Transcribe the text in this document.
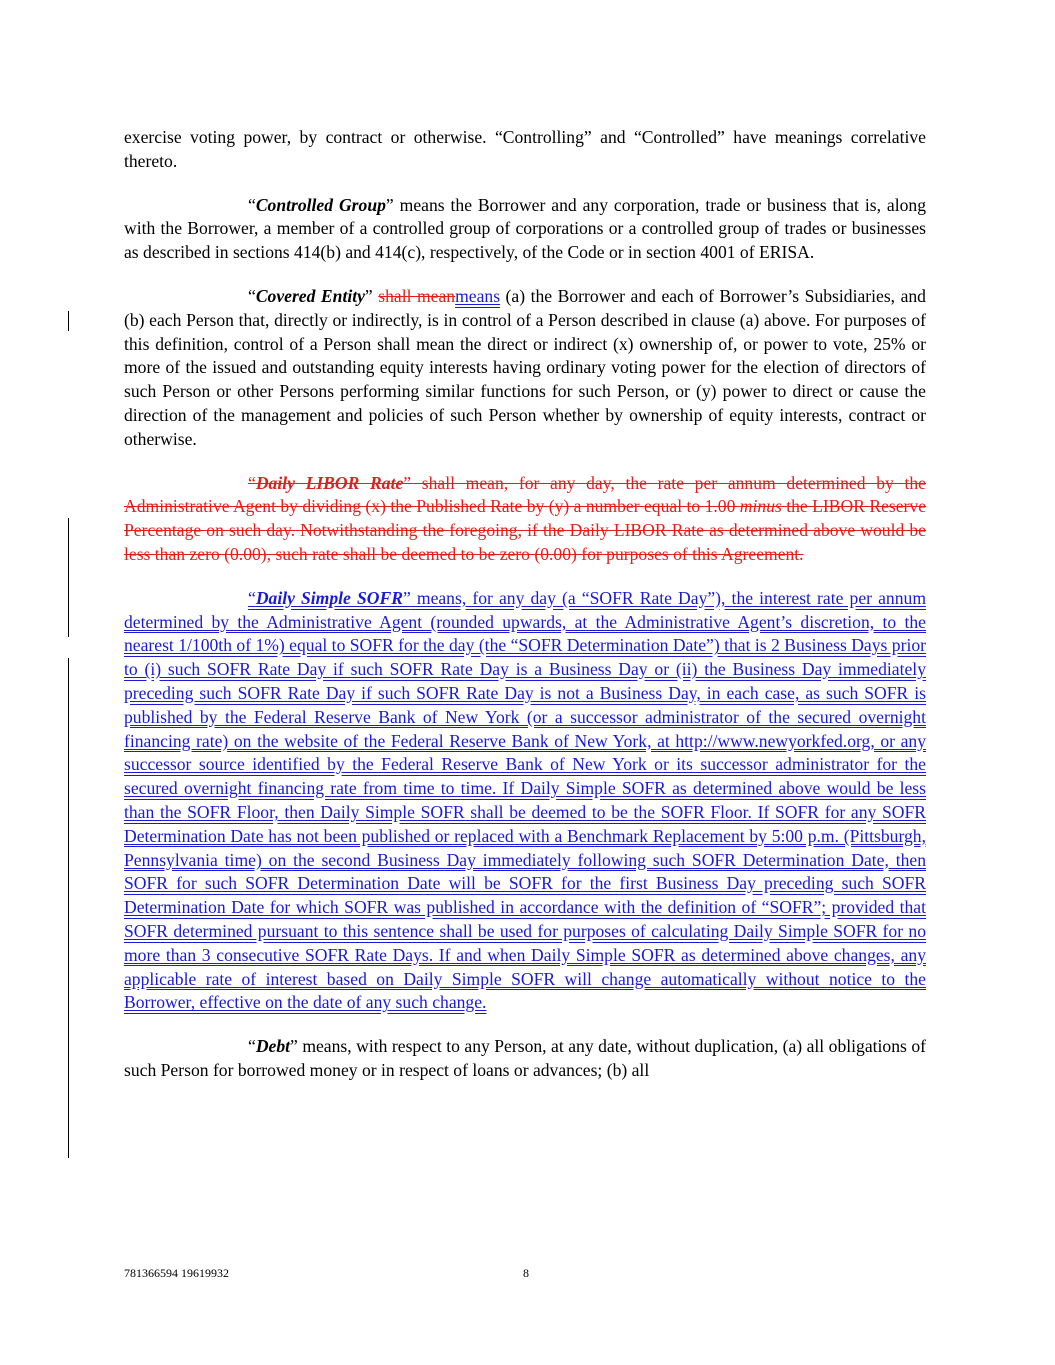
exercise voting power, by contract or otherwise. “Controlling” and “Controlled” have meanings correlative thereto.

“Controlled Group” means the Borrower and any corporation, trade or business that is, along with the Borrower, a member of a controlled group of corporations or a controlled group of trades or businesses as described in sections 414(b) and 414(c), respectively, of the Code or in section 4001 of ERISA.

“Covered Entity” shall meanmeans (a) the Borrower and each of Borrower’s Subsidiaries, and (b) each Person that, directly or indirectly, is in control of a Person described in clause (a) above. For purposes of this definition, control of a Person shall mean the direct or indirect (x) ownership of, or power to vote, 25% or more of the issued and outstanding equity interests having ordinary voting power for the election of directors of such Person or other Persons performing similar functions for such Person, or (y) power to direct or cause the direction of the management and policies of such Person whether by ownership of equity interests, contract or otherwise.

“Daily LIBOR Rate” shall mean, for any day, the rate per annum determined by the Administrative Agent by dividing (x) the Published Rate by (y) a number equal to 1.00 minus the LIBOR Reserve Percentage on such day. Notwithstanding the foregoing, if the Daily LIBOR Rate as determined above would be less than zero (0.00), such rate shall be deemed to be zero (0.00) for purposes of this Agreement.

“Daily Simple SOFR” means, for any day (a “SOFR Rate Day”), the interest rate per annum determined by the Administrative Agent (rounded upwards, at the Administrative Agent’s discretion, to the nearest 1/100th of 1%) equal to SOFR for the day (the “SOFR Determination Date”) that is 2 Business Days prior to (i) such SOFR Rate Day if such SOFR Rate Day is a Business Day or (ii) the Business Day immediately preceding such SOFR Rate Day if such SOFR Rate Day is not a Business Day, in each case, as such SOFR is published by the Federal Reserve Bank of New York (or a successor administrator of the secured overnight financing rate) on the website of the Federal Reserve Bank of New York, at http://www.newyorkfed.org, or any successor source identified by the Federal Reserve Bank of New York or its successor administrator for the secured overnight financing rate from time to time. If Daily Simple SOFR as determined above would be less than the SOFR Floor, then Daily Simple SOFR shall be deemed to be the SOFR Floor. If SOFR for any SOFR Determination Date has not been published or replaced with a Benchmark Replacement by 5:00 p.m. (Pittsburgh, Pennsylvania time) on the second Business Day immediately following such SOFR Determination Date, then SOFR for such SOFR Determination Date will be SOFR for the first Business Day preceding such SOFR Determination Date for which SOFR was published in accordance with the definition of “SOFR”; provided that SOFR determined pursuant to this sentence shall be used for purposes of calculating Daily Simple SOFR for no more than 3 consecutive SOFR Rate Days. If and when Daily Simple SOFR as determined above changes, any applicable rate of interest based on Daily Simple SOFR will change automatically without notice to the Borrower, effective on the date of any such change.

“Debt” means, with respect to any Person, at any date, without duplication, (a) all obligations of such Person for borrowed money or in respect of loans or advances; (b) all

781366594 19619932	8
